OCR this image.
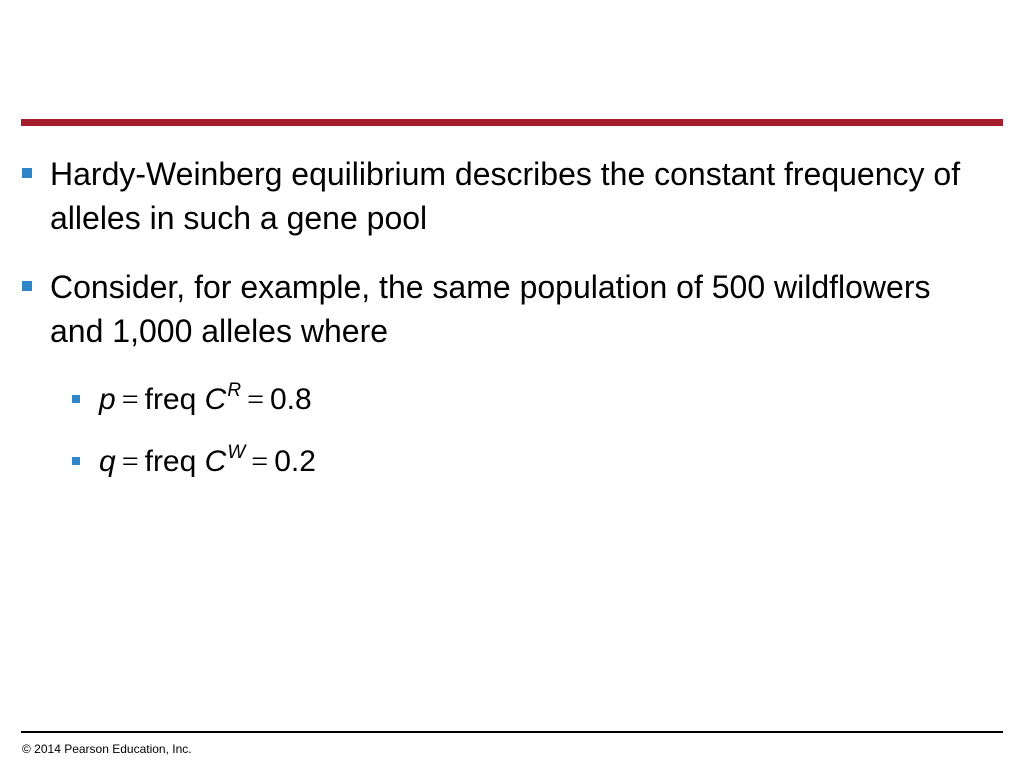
Hardy-Weinberg equilibrium describes the constant frequency of alleles in such a gene pool
Consider, for example, the same population of 500 wildflowers and 1,000 alleles where
p = freq $C^R = 0.8$
q = freq $C^W = 0.2$
© 2014 Pearson Education, Inc.
